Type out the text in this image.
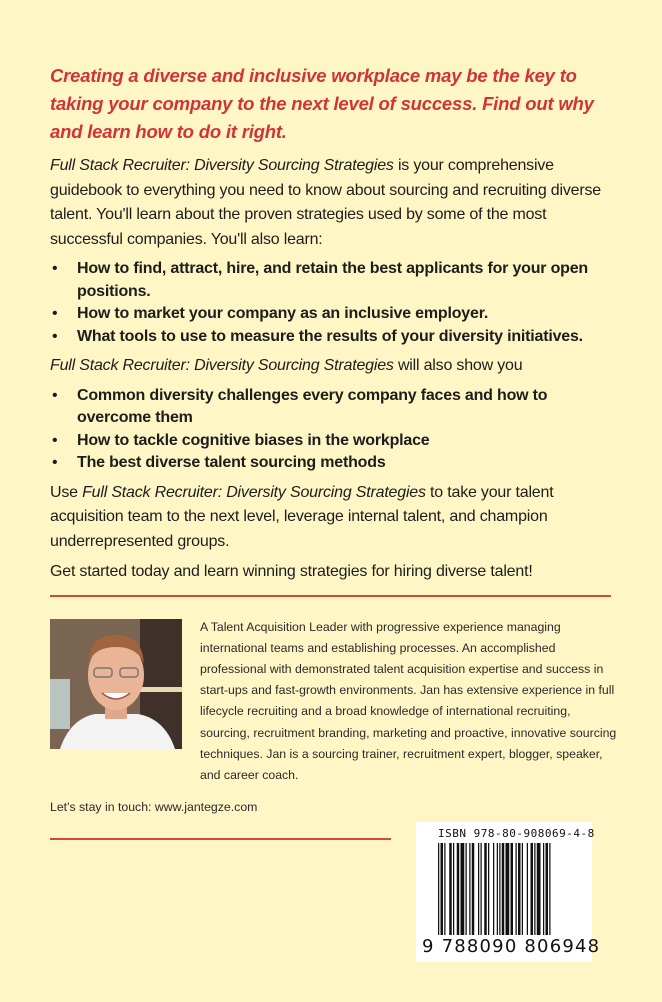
Creating a diverse and inclusive workplace may be the key to taking your company to the next level of success. Find out why and learn how to do it right.

Full Stack Recruiter: Diversity Sourcing Strategies is your comprehensive guidebook to everything you need to know about sourcing and recruiting diverse talent. You'll learn about the proven strategies used by some of the most successful companies. You'll also learn:

• How to find, attract, hire, and retain the best applicants for your open positions.
• How to market your company as an inclusive employer.
• What tools to use to measure the results of your diversity initiatives.

Full Stack Recruiter: Diversity Sourcing Strategies will also show you

• Common diversity challenges every company faces and how to overcome them
• How to tackle cognitive biases in the workplace
• The best diverse talent sourcing methods

Use Full Stack Recruiter: Diversity Sourcing Strategies to take your talent acquisition team to the next level, leverage internal talent, and champion underrepresented groups.

Get started today and learn winning strategies for hiring diverse talent!

A Talent Acquisition Leader with progressive experience managing international teams and establishing processes. An accomplished professional with demonstrated talent acquisition expertise and success in start-ups and fast-growth environments. Jan has extensive experience in full lifecycle recruiting and a broad knowledge of international recruiting, sourcing, recruitment branding, marketing and proactive, innovative sourcing techniques. Jan is a sourcing trainer, recruitment expert, blogger, speaker, and career coach.

Let's stay in touch: www.jantegze.com
ISBN 978-80-908069-4-8
9 788090 806948
